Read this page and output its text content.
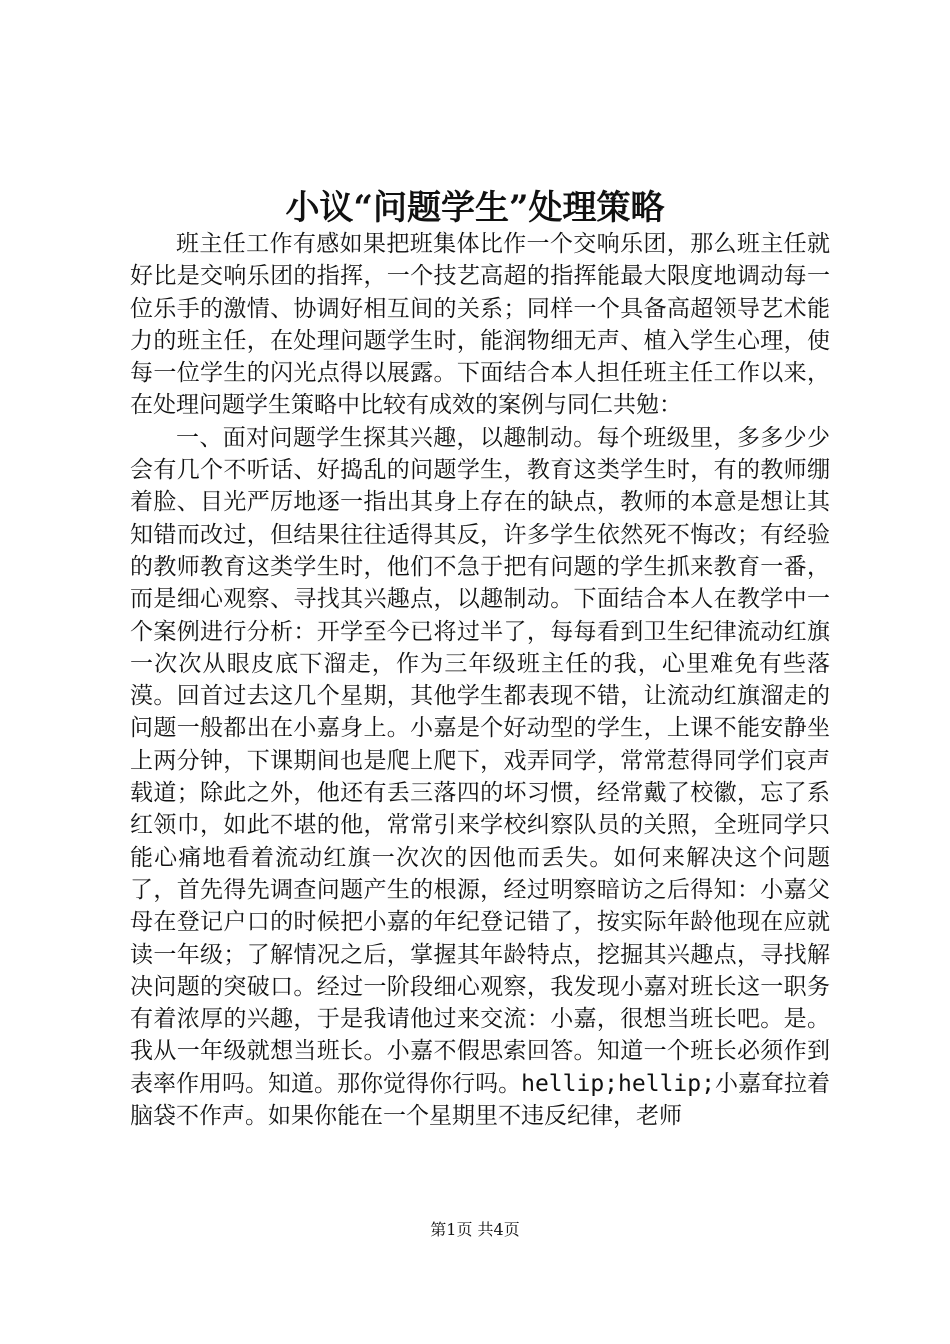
小议“问题学生”处理策略

班主任工作有感如果把班集体比作一个交响乐团，那么班主任就好比是交响乐团的指挥，一个技艺高超的指挥能最大限度地调动每一位乐手的激情、协调好相互间的关系；同样一个具备高超领导艺术能力的班主任，在处理问题学生时，能润物细无声、植入学生心理，使每一位学生的闪光点得以展露。下面结合本人担任班主任工作以来，在处理问题学生策略中比较有成效的案例与同仁共勉：

一、面对问题学生探其兴趣，以趣制动。每个班级里，多多少少会有几个不听话、好捣乱的问题学生，教育这类学生时，有的教师绷着脸、目光严厉地逐一指出其身上存在的缺点，教师的本意是想让其知错而改过，但结果往往适得其反，许多学生依然死不悔改；有经验的教师教育这类学生时，他们不急于把有问题的学生抓来教育一番，而是细心观察、寻找其兴趣点，以趣制动。下面结合本人在教学中一个案例进行分析：开学至今已将过半了，每每看到卫生纪律流动红旗一次次从眼皮底下溜走，作为三年级班主任的我，心里难免有些落漠。回首过去这几个星期，其他学生都表现不错，让流动红旗溜走的问题一般都出在小嘉身上。小嘉是个好动型的学生，上课不能安静坐上两分钟，下课期间也是爬上爬下，戏弄同学，常常惹得同学们哀声载道；除此之外，他还有丢三落四的坏习惯，经常戴了校徽，忘了系红领巾，如此不堪的他，常常引来学校纠察队员的关照，全班同学只能心痛地看着流动红旗一次次的因他而丢失。如何来解决这个问题了，首先得先调查问题产生的根源，经过明察暗访之后得知：小嘉父母在登记户口的时候把小嘉的年纪登记错了，按实际年龄他现在应就读一年级；了解情况之后，掌握其年龄特点，挖掘其兴趣点，寻找解决问题的突破口。经过一阶段细心观察，我发现小嘉对班长这一职务有着浓厚的兴趣，于是我请他过来交流：小嘉，很想当班长吧。是。我从一年级就想当班长。小嘉不假思索回答。知道一个班长必须作到表率作用吗。知道。那你觉得你行吗。hellip;hellip;小嘉耷拉着脑袋不作声。如果你能在一个星期里不违反纪律，老师

第1页 共4页
